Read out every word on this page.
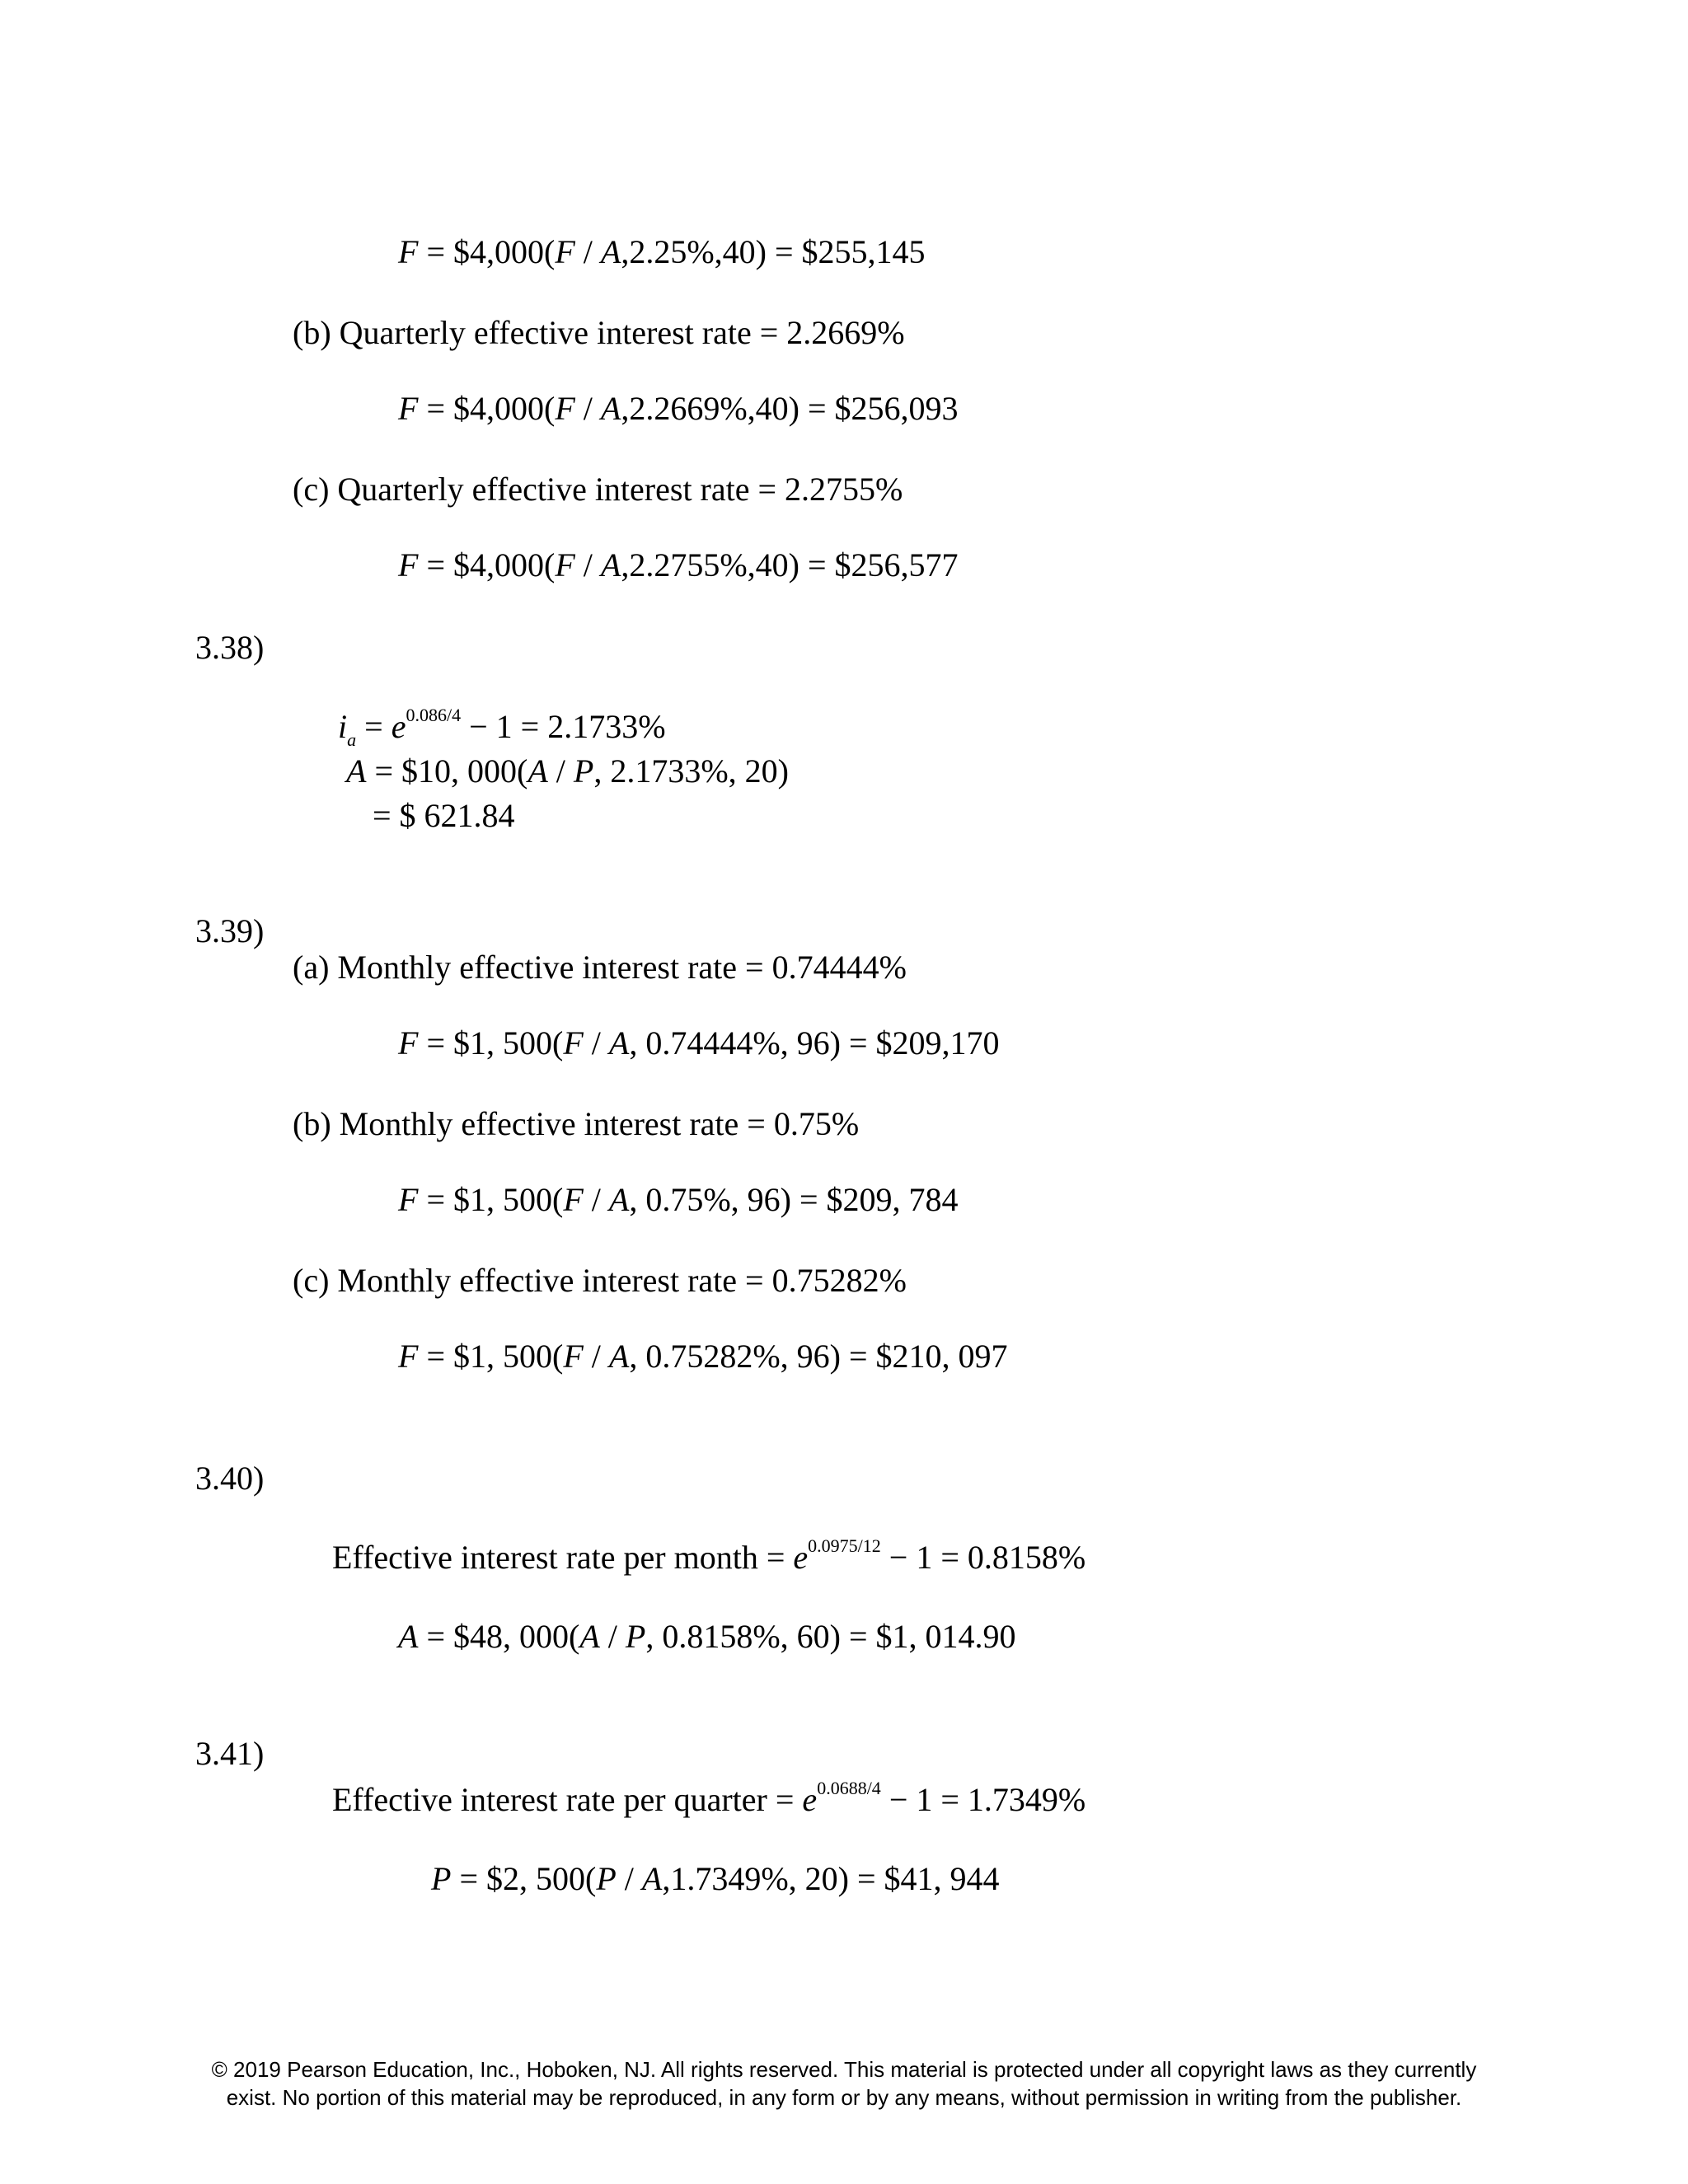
F = $4,000(F / A,2.25%,40) = $255,145
(b) Quarterly effective interest rate = 2.2669%
F = $4,000(F / A,2.2669%,40) = $256,093
(c) Quarterly effective interest rate = 2.2755%
F = $4,000(F / A,2.2755%,40) = $256,577
3.38)
$i_a = e^{0.086/4} - 1 = 2.1733\%$
A = $10, 000(A / P, 2.1733%, 20)
= $ 621.84
3.39)
(a) Monthly effective interest rate = 0.74444%
F = $1, 500(F / A, 0.74444%, 96) = $209,170
(b) Monthly effective interest rate = 0.75%
F = $1, 500(F / A, 0.75%, 96) = $209, 784
(c) Monthly effective interest rate = 0.75282%
F = $1, 500(F / A, 0.75282%, 96) = $210, 097
3.40)
Effective interest rate per month = $e^{0.0975/12} - 1 = 0.8158\%$
A = $48, 000(A / P, 0.8158%, 60) = $1, 014.90
3.41)
Effective interest rate per quarter = $e^{0.0688/4} - 1 = 1.7349\%$
P = $2, 500(P / A,1.7349%, 20) = $41, 944
© 2019 Pearson Education, Inc., Hoboken, NJ. All rights reserved. This material is protected under all copyright laws as they currently
exist. No portion of this material may be reproduced, in any form or by any means, without permission in writing from the publisher.
